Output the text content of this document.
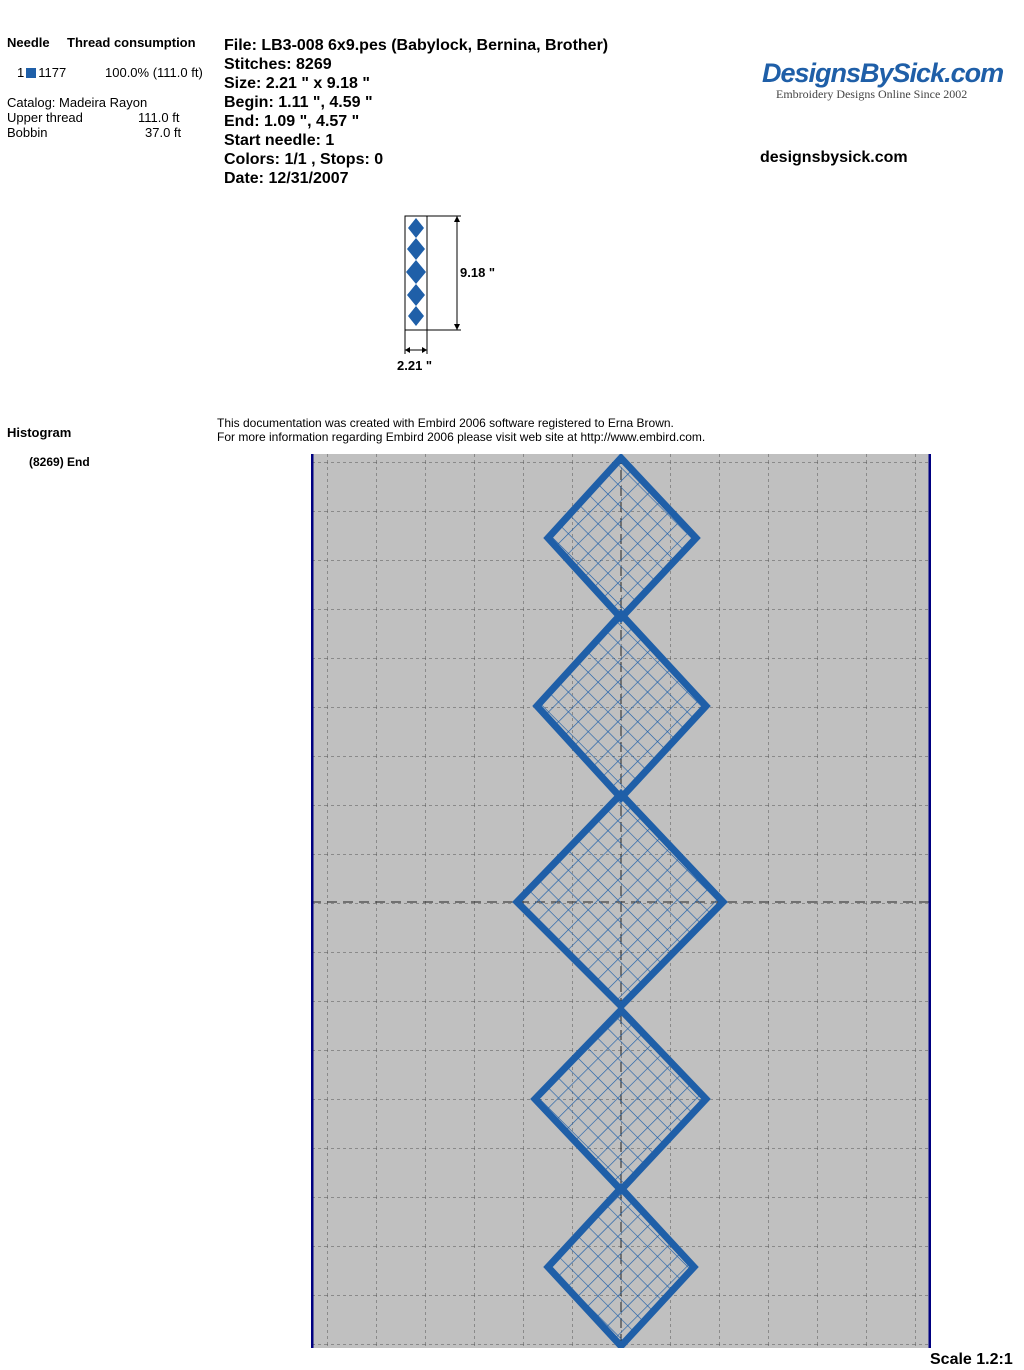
Needle Thread consumption
1 1177	100.0% (111.0 ft)
Catalog: Madeira Rayon
Upper thread	111.0 ft
Bobbin	37.0 ft
File: LB3-008 6x9.pes (Babylock, Bernina, Brother)
Stitches: 8269
Size: 2.21 " x 9.18 "
Begin: 1.11 ", 4.59 "
End: 1.09 ", 4.57 "
Start needle: 1
Colors: 1/1 , Stops: 0
Date: 12/31/2007
DesignsBySick.com
Embroidery Designs Online Since 2002
designsbysick.com
9.18 "
2.21 "
Histogram
(8269) End
This documentation was created with Embird 2006 software registered to Erna Brown.
For more information regarding Embird 2006 please visit web site at http://www.embird.com.
Scale 1.2:1
